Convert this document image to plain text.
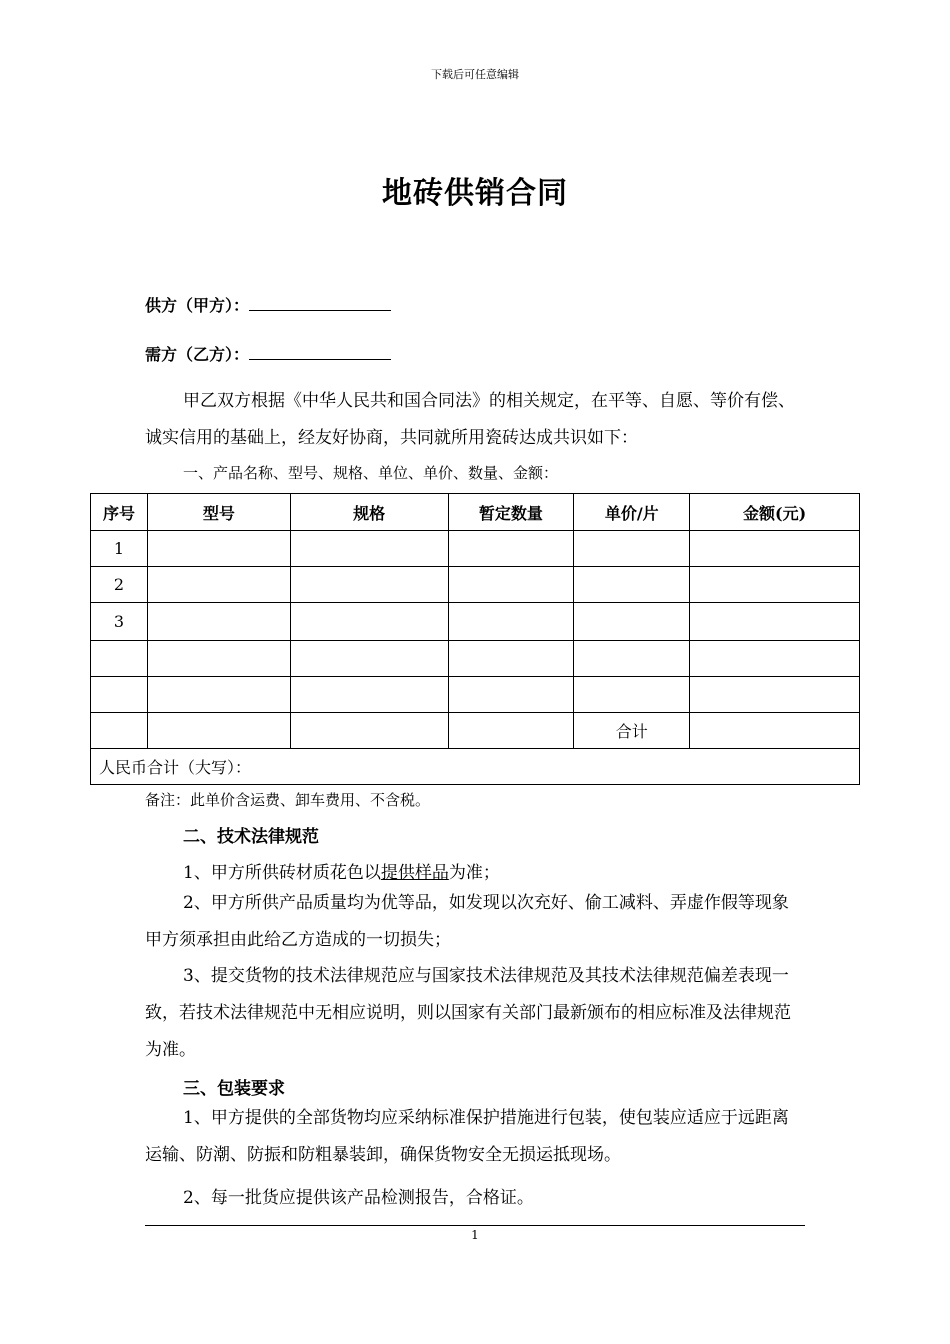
下载后可任意编辑
地砖供销合同
供方（甲方）：
需方（乙方）：
甲乙双方根据《中华人民共和国合同法》的相关规定，在平等、自愿、等价有偿、诚实信用的基础上，经友好协商，共同就所用瓷砖达成共识如下：
一、产品名称、型号、规格、单位、单价、数量、金额：
序号	型号	规格	暂定数量	单价/片	金额(元)
1					
2					
3					

				合计	
人民币合计（大写）：					
备注：此单价含运费、卸车费用、不含税。
二、技术法律规范
1、甲方所供砖材质花色以提供样品为准；
2、甲方所供产品质量均为优等品，如发现以次充好、偷工减料、弄虚作假等现象甲方须承担由此给乙方造成的一切损失；
3、提交货物的技术法律规范应与国家技术法律规范及其技术法律规范偏差表现一致，若技术法律规范中无相应说明，则以国家有关部门最新颁布的相应标准及法律规范为准。
三、包装要求
1、甲方提供的全部货物均应采纳标准保护措施进行包装，使包装应适应于远距离运输、防潮、防振和防粗暴装卸，确保货物安全无损运抵现场。
2、每一批货应提供该产品检测报告，合格证。
1
